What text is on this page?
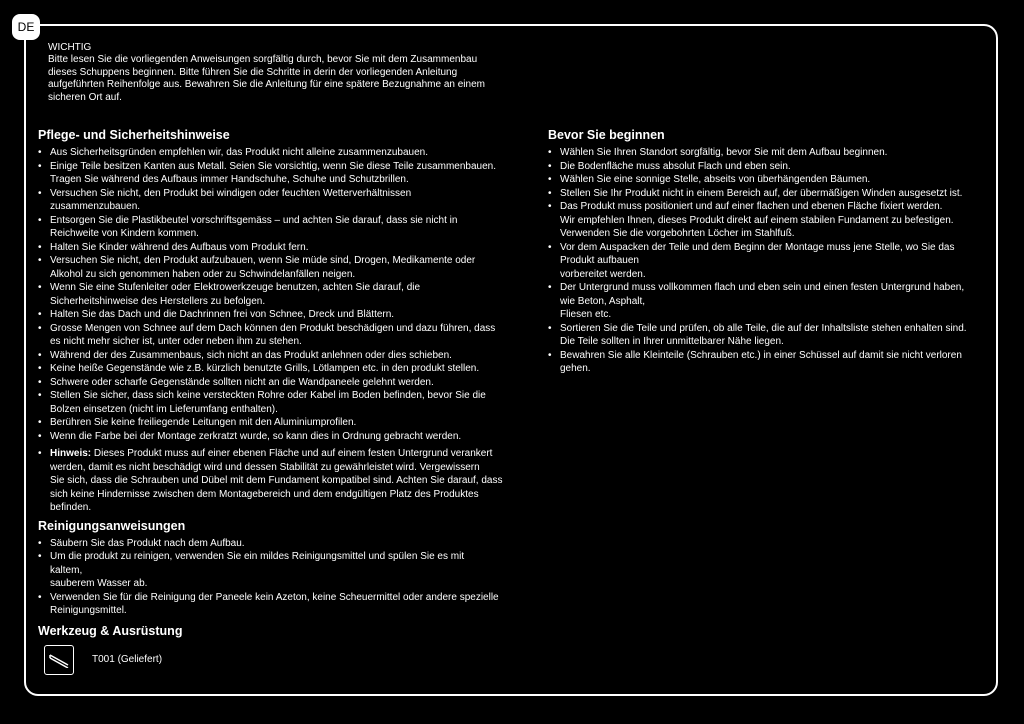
DE

WICHTIG

Bitte lesen Sie die vorliegenden Anweisungen sorgfältig durch, bevor Sie mit dem Zusammenbau

dieses Schuppens beginnen. Bitte führen Sie die Schritte in derin der vorliegenden Anleitung

aufgeführten Reihenfolge aus. Bewahren Sie die Anleitung für eine spätere Bezugnahme an einem

sicheren Ort auf.

Pflege- und Sicherheitshinweise
• Aus Sicherheitsgründen empfehlen wir, das Produkt nicht alleine zusammenzubauen.
• Einige Teile besitzen Kanten aus Metall. Seien Sie vorsichtig, wenn Sie diese Teile zusammenbauen.
Tragen Sie während des Aufbaus immer Handschuhe, Schuhe und Schutzbrillen.
• Versuchen Sie nicht, den Produkt bei windigen oder feuchten Wetterverhältnissen
zusammenzubauen.
• Entsorgen Sie die Plastikbeutel vorschriftsgemäss – und achten Sie darauf, dass sie nicht in
Reichweite von Kindern kommen.
• Halten Sie Kinder während des Aufbaus vom Produkt fern.
• Versuchen Sie nicht, den Produkt aufzubauen, wenn Sie müde sind, Drogen, Medikamente oder
Alkohol zu sich genommen haben oder zu Schwindelanfällen neigen.
• Wenn Sie eine Stufenleiter oder Elektrowerkzeuge benutzen, achten Sie darauf, die
Sicherheitshinweise des Herstellers zu befolgen.
• Halten Sie das Dach und die Dachrinnen frei von Schnee, Dreck und Blättern.
• Grosse Mengen von Schnee auf dem Dach können den Produkt beschädigen und dazu führen, dass
es nicht mehr sicher ist, unter oder neben ihm zu stehen.
• Während der des Zusammenbaus, sich nicht an das Produkt anlehnen oder dies schieben.
• Keine heiße Gegenstände wie z.B. kürzlich benutzte Grills, Lötlampen etc. in den produkt stellen.
• Schwere oder scharfe Gegenstände sollten nicht an die Wandpaneele gelehnt werden.
• Stellen Sie sicher, dass sich keine versteckten Rohre oder Kabel im Boden befinden, bevor Sie die
Bolzen einsetzen (nicht im Lieferumfang enthalten).
• Berühren Sie keine freiliegende Leitungen mit den Aluminiumprofilen.
• Wenn die Farbe bei der Montage zerkratzt wurde, so kann dies in Ordnung gebracht werden.
• Hinweis: Dieses Produkt muss auf einer ebenen Fläche und auf einem festen Untergrund verankert
werden, damit es nicht beschädigt wird und dessen Stabilität zu gewährleistet wird. Vergewissern
Sie sich, dass die Schrauben und Dübel mit dem Fundament kompatibel sind. Achten Sie darauf, dass
sich keine Hindernisse zwischen dem Montagebereich und dem endgültigen Platz des Produktes
befinden.
Reinigungsanweisungen
• Säubern Sie das Produkt nach dem Aufbau.
• Um die produkt zu reinigen, verwenden Sie ein mildes Reinigungsmittel und spülen Sie es mit
kaltem,
sauberem Wasser ab.
• Verwenden Sie für die Reinigung der Paneele kein Azeton, keine Scheuermittel oder andere spezielle
Reinigungsmittel.
Werkzeug & Ausrüstung
T001 (Geliefert)
Bevor Sie beginnen
• Wählen Sie Ihren Standort sorgfältig, bevor Sie mit dem Aufbau beginnen.
• Die Bodenfläche muss absolut Flach und eben sein.
• Wählen Sie eine sonnige Stelle, abseits von überhängenden Bäumen.
• Stellen Sie Ihr Produkt nicht in einem Bereich auf, der übermäßigen Winden ausgesetzt ist.
• Das Produkt muss positioniert und auf einer flachen und ebenen Fläche fixiert werden.
Wir empfehlen Ihnen, dieses Produkt direkt auf einem stabilen Fundament zu befestigen.
Verwenden Sie die vorgebohrten Löcher im Stahlfuß.
• Vor dem Auspacken der Teile und dem Beginn der Montage muss jene Stelle, wo Sie das
Produkt aufbauen
vorbereitet werden.
• Der Untergrund muss vollkommen flach und eben sein und einen festen Untergrund haben,
wie Beton, Asphalt,
Fliesen etc.
• Sortieren Sie die Teile und prüfen, ob alle Teile, die auf der Inhaltsliste stehen enhalten sind.
Die Teile sollten in Ihrer unmittelbarer Nähe liegen.
• Bewahren Sie alle Kleinteile (Schrauben etc.) in einer Schüssel auf damit sie nicht verloren
gehen.
